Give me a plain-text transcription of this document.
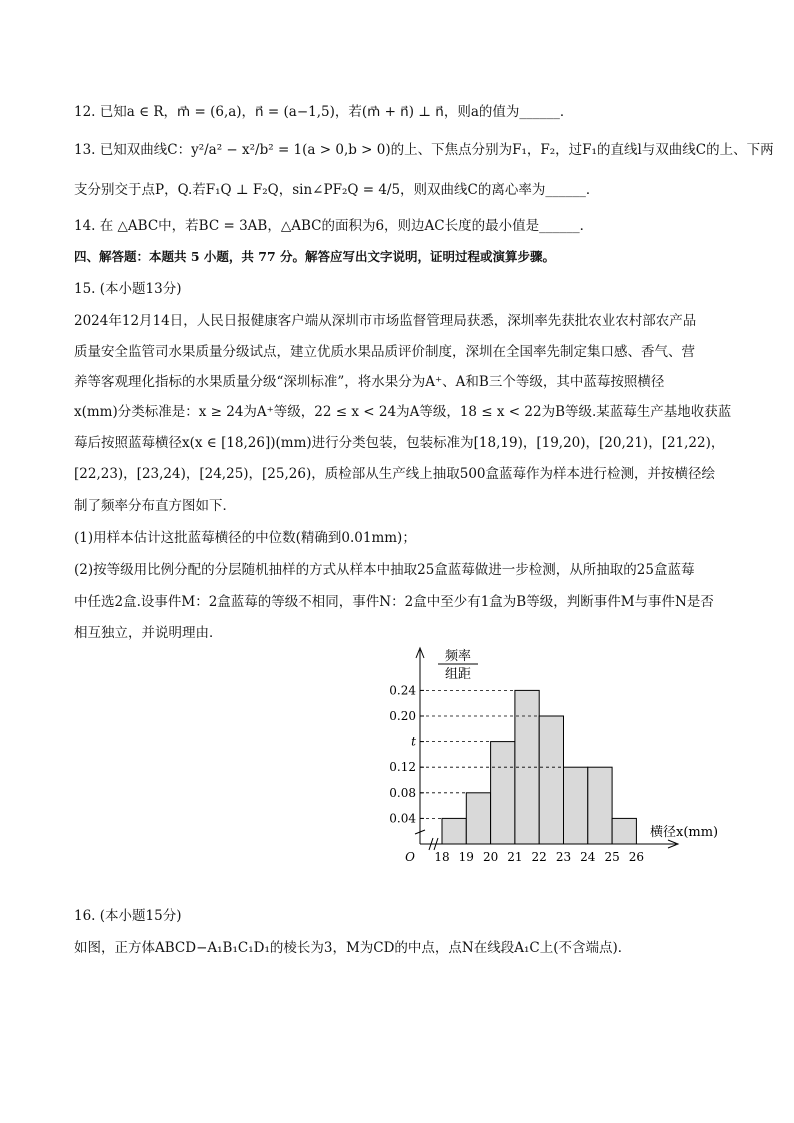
12. 已知a ∈ R，m⃗ = (6,a)，n⃗ = (a−1,5)，若(m⃗ + n⃗) ⊥ n⃗，则a的值为______．
13. 已知双曲线C：y²/a² − x²/b² = 1(a > 0,b > 0)的上、下焦点分别为F₁，F₂，过F₁的直线l与双曲线C的上、下两
支分别交于点P，Q.若F₁Q ⊥ F₂Q，sin∠PF₂Q = 4/5，则双曲线C的离心率为______．
14. 在 △ABC中，若BC = 3AB，△ABC的面积为6，则边AC长度的最小值是______．
四、解答题：本题共 5 小题，共 77 分。解答应写出文字说明，证明过程或演算步骤。
15. (本小题13分)
2024年12月14日，人民日报健康客户端从深圳市市场监督管理局获悉，深圳率先获批农业农村部农产品
质量安全监管司水果质量分级试点，建立优质水果品质评价制度，深圳在全国率先制定集口感、香气、营
养等客观理化指标的水果质量分级“深圳标准”，将水果分为A⁺、A和B三个等级，其中蓝莓按照横径
x(mm)分类标准是：x ≥ 24为A⁺等级，22 ≤ x < 24为A等级，18 ≤ x < 22为B等级.某蓝莓生产基地收获蓝
莓后按照蓝莓横径x(x ∈ [18,26])(mm)进行分类包装，包装标准为[18,19)，[19,20)，[20,21)，[21,22)，
[22,23)，[23,24)，[24,25)，[25,26)，质检部从生产线上抽取500盒蓝莓作为样本进行检测，并按横径绘
制了频率分布直方图如下．
(1)用样本估计这批蓝莓横径的中位数(精确到0.01mm)；
(2)按等级用比例分配的分层随机抽样的方式从样本中抽取25盒蓝莓做进一步检测，从所抽取的25盒蓝莓
中任选2盒.设事件M：2盒蓝莓的等级不相同，事件N：2盒中至少有1盒为B等级，判断事件M与事件N是否
相互独立，并说明理由．
频率
组距
O
横径x(mm)
0.04
0.08
0.12
t
0.20
0.24
18 19 20 21 22 23 24 25 26
16. (本小题15分)
如图，正方体ABCD−A₁B₁C₁D₁的棱长为3，M为CD的中点，点N在线段A₁C上(不含端点)．
